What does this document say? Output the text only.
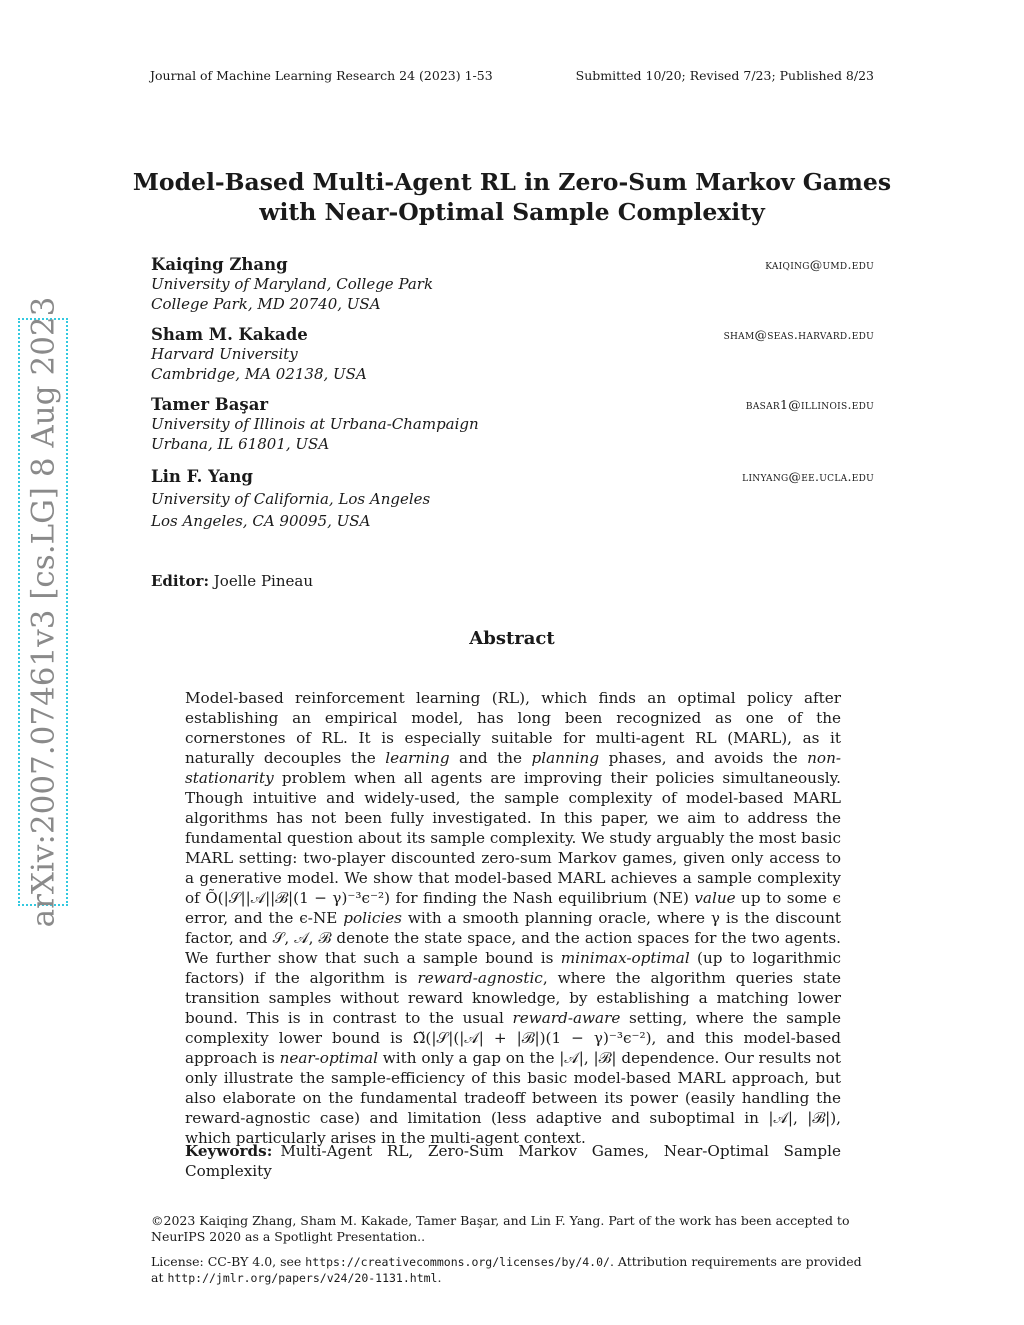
Journal of Machine Learning Research 24 (2023) 1-53	Submitted 10/20; Revised 7/23; Published 8/23
Model-Based Multi-Agent RL in Zero-Sum Markov Games
with Near-Optimal Sample Complexity
Kaiqing Zhang	kaiqing@umd.edu
University of Maryland, College Park
College Park, MD 20740, USA
Sham M. Kakade	sham@seas.harvard.edu
Harvard University
Cambridge, MA 02138, USA
Tamer Başar	basar1@illinois.edu
University of Illinois at Urbana-Champaign
Urbana, IL 61801, USA
Lin F. Yang	linyang@ee.ucla.edu
University of California, Los Angeles
Los Angeles, CA 90095, USA
Editor: Joelle Pineau
Abstract

Model-based reinforcement learning (RL), which finds an optimal policy after establishing an empirical model, has long been recognized as one of the cornerstones of RL. It is especially suitable for multi-agent RL (MARL), as it naturally decouples the learning and the planning phases, and avoids the non-stationarity problem when all agents are improving their policies simultaneously. Though intuitive and widely-used, the sample complexity of model-based MARL algorithms has not been fully investigated. In this paper, we aim to address the fundamental question about its sample complexity. We study arguably the most basic MARL setting: two-player discounted zero-sum Markov games, given only access to a generative model. We show that model-based MARL achieves a sample complexity of Õ(|𝒮||𝒜||ℬ|(1 − γ)⁻³ϵ⁻²) for finding the Nash equilibrium (NE) value up to some ϵ error, and the ϵ-NE policies with a smooth planning oracle, where γ is the discount factor, and 𝒮, 𝒜, ℬ denote the state space, and the action spaces for the two agents. We further show that such a sample bound is minimax-optimal (up to logarithmic factors) if the algorithm is reward-agnostic, where the algorithm queries state transition samples without reward knowledge, by establishing a matching lower bound. This is in contrast to the usual reward-aware setting, where the sample complexity lower bound is Ω̃(|𝒮|(|𝒜| + |ℬ|)(1 − γ)⁻³ϵ⁻²), and this model-based approach is near-optimal with only a gap on the |𝒜|, |ℬ| dependence. Our results not only illustrate the sample-efficiency of this basic model-based MARL approach, but also elaborate on the fundamental tradeoff between its power (easily handling the reward-agnostic case) and limitation (less adaptive and suboptimal in |𝒜|, |ℬ|), which particularly arises in the multi-agent context.

Keywords: Multi-Agent RL, Zero-Sum Markov Games, Near-Optimal Sample Complexity
©2023 Kaiqing Zhang, Sham M. Kakade, Tamer Başar, and Lin F. Yang. Part of the work has been accepted to NeurIPS 2020 as a Spotlight Presentation..
License: CC-BY 4.0, see https://creativecommons.org/licenses/by/4.0/. Attribution requirements are provided at http://jmlr.org/papers/v24/20-1131.html.
arXiv:2007.07461v3 [cs.LG] 8 Aug 2023
